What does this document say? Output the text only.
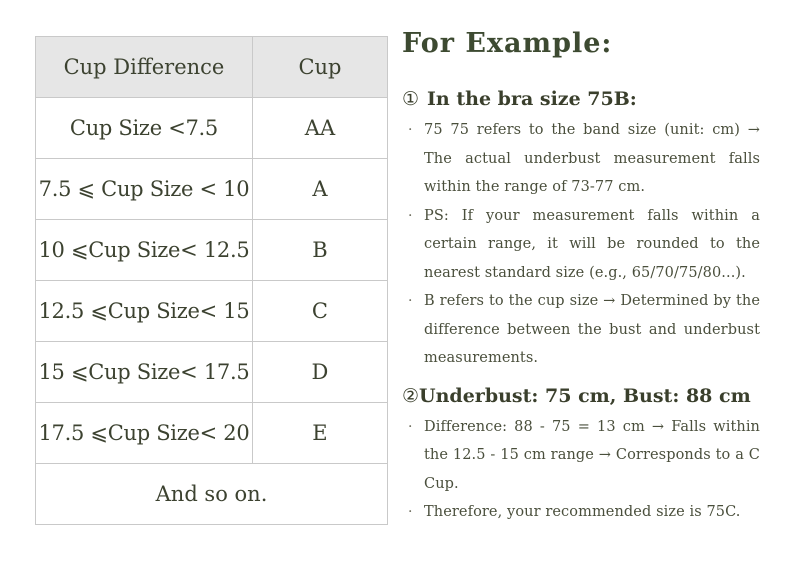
Cup Difference	Cup
Cup Size <7.5	AA
7.5 ⩽ Cup Size < 10	A
10 ⩽Cup Size< 12.5	B
12.5 ⩽Cup Size< 15	C
15 ⩽Cup Size< 17.5	D
17.5 ⩽Cup Size< 20	E
And so on.	
For Example:
① In the bra size 75B:
· 75 75 refers to the band size (unit: cm) → The actual underbust measurement falls within the range of 73-77 cm.
· PS: If your measurement falls within a certain range, it will be rounded to the nearest standard size (e.g., 65/70/75/80...).
· B refers to the cup size → Determined by the difference between the bust and underbust measurements.
②Underbust: 75 cm, Bust: 88 cm
· Difference: 88 - 75 = 13 cm → Falls within the 12.5 - 15 cm range → Corresponds to a C Cup.
· Therefore, your recommended size is 75C.
